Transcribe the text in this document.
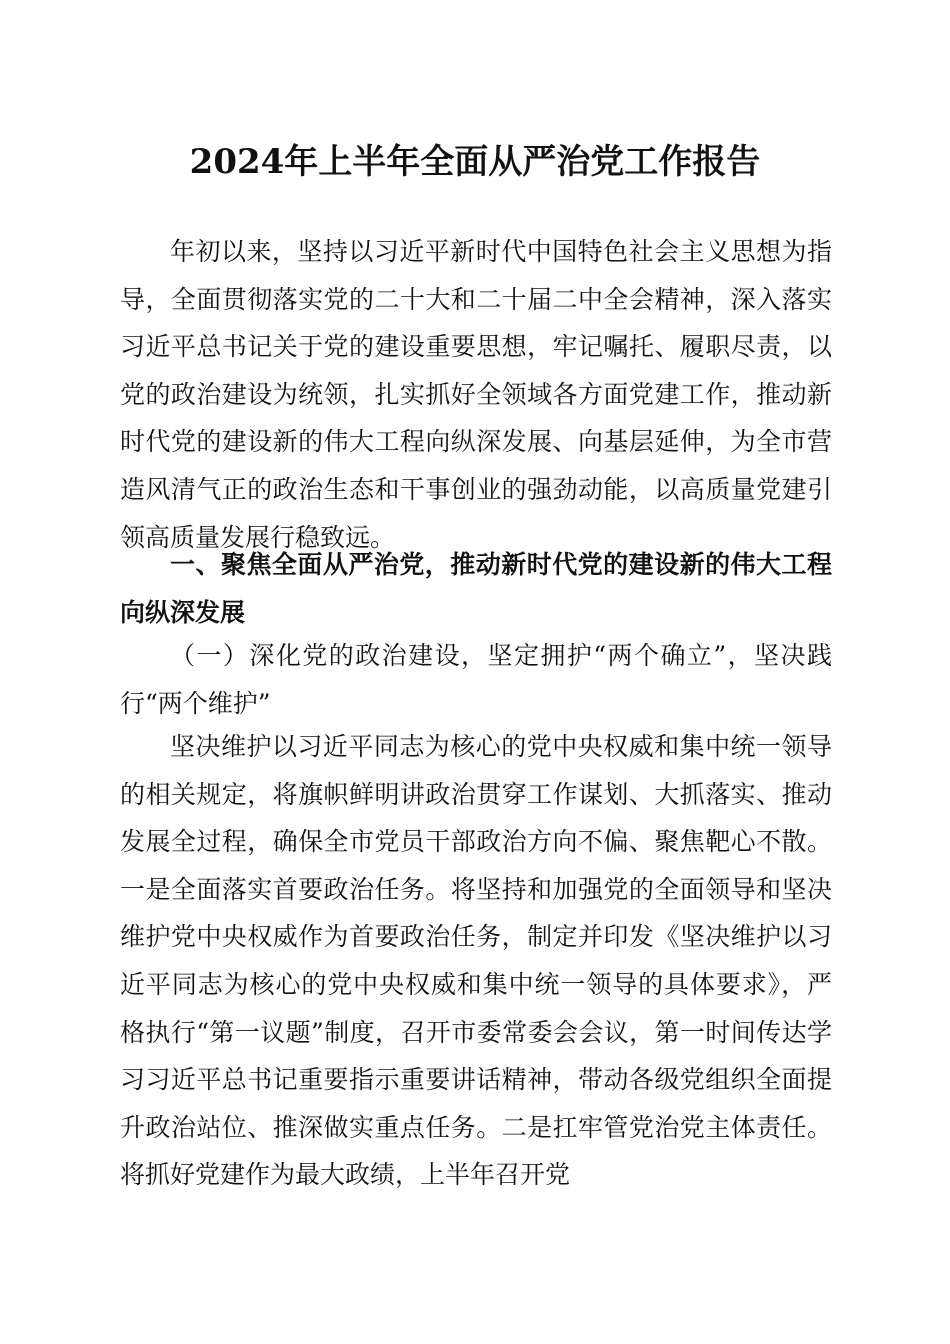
2024年上半年全面从严治党工作报告

年初以来，坚持以习近平新时代中国特色社会主义思想为指导，全面贯彻落实党的二十大和二十届二中全会精神，深入落实习近平总书记关于党的建设重要思想，牢记嘱托、履职尽责，以党的政治建设为统领，扎实抓好全领域各方面党建工作，推动新时代党的建设新的伟大工程向纵深发展、向基层延伸，为全市营造风清气正的政治生态和干事创业的强劲动能，以高质量党建引领高质量发展行稳致远。

一、聚焦全面从严治党，推动新时代党的建设新的伟大工程向纵深发展

（一）深化党的政治建设，坚定拥护“两个确立”，坚决践行“两个维护”

坚决维护以习近平同志为核心的党中央权威和集中统一领导的相关规定，将旗帜鲜明讲政治贯穿工作谋划、大抓落实、推动发展全过程，确保全市党员干部政治方向不偏、聚焦靶心不散。一是全面落实首要政治任务。将坚持和加强党的全面领导和坚决维护党中央权威作为首要政治任务，制定并印发《坚决维护以习近平同志为核心的党中央权威和集中统一领导的具体要求》，严格执行“第一议题”制度，召开市委常委会会议，第一时间传达学习习近平总书记重要指示重要讲话精神，带动各级党组织全面提升政治站位、推深做实重点任务。二是扛牢管党治党主体责任。将抓好党建作为最大政绩，上半年召开党
